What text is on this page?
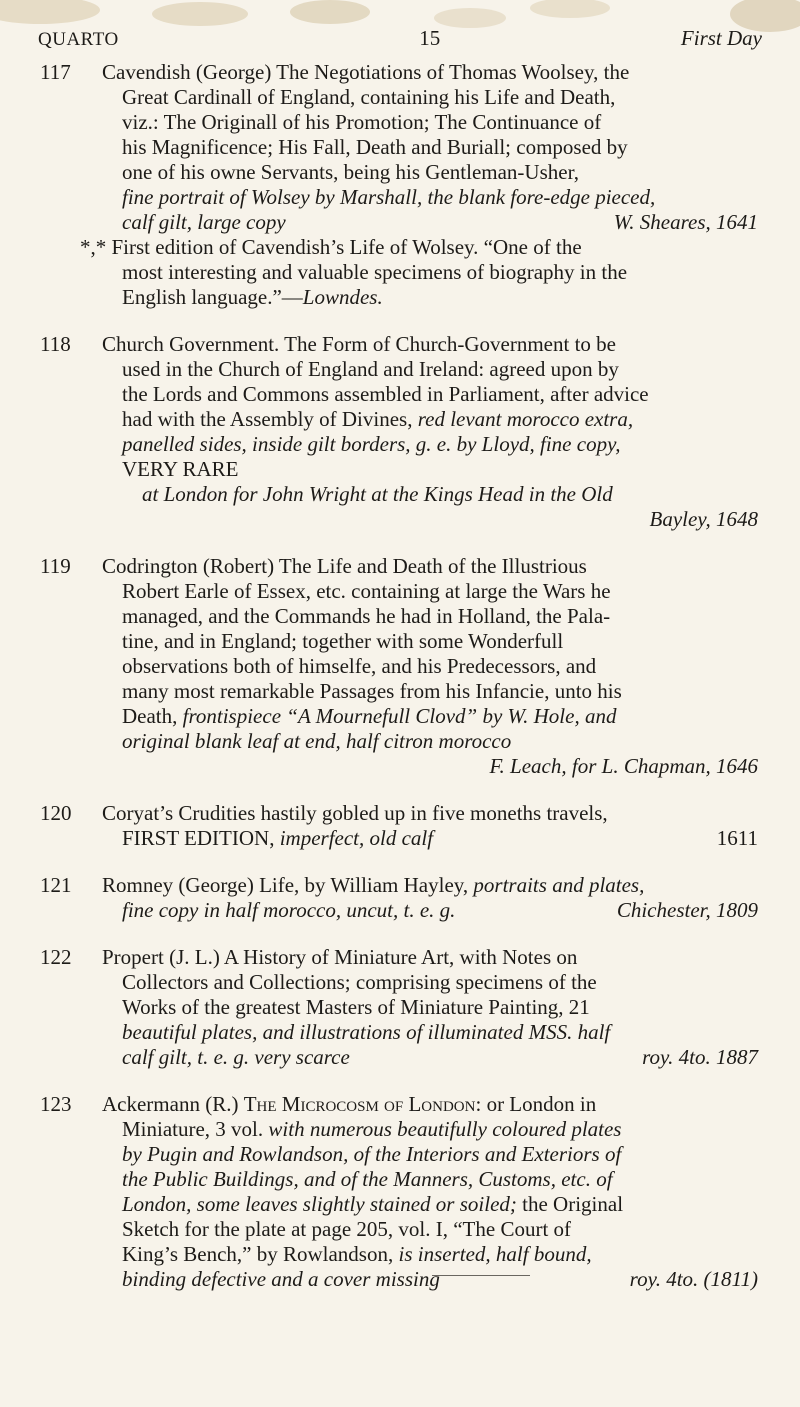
QUARTO	15	First Day
117	Cavendish (George) The Negotiations of Thomas Woolsey, the
Great Cardinall of England, containing his Life and Death,
viz.: The Originall of his Promotion; The Continuance of
his Magnificence; His Fall, Death and Buriall; composed by
one of his owne Servants, being his Gentleman-Usher,
fine portrait of Wolsey by Marshall, the blank fore-edge pieced,
calf gilt, large copy	W. Sheares, 1641
*,* First edition of Cavendish’s Life of Wolsey. “One of the
most interesting and valuable specimens of biography in the
English language.”—Lowndes.
118	Church Government. The Form of Church-Government to be
used in the Church of England and Ireland: agreed upon by
the Lords and Commons assembled in Parliament, after advice
had with the Assembly of Divines, red levant morocco extra,
panelled sides, inside gilt borders, g. e. by Lloyd, fine copy,
VERY RARE
at London for John Wright at the Kings Head in the Old
Bayley, 1648
119	Codrington (Robert) The Life and Death of the Illustrious
Robert Earle of Essex, etc. containing at large the Wars he
managed, and the Commands he had in Holland, the Pala-
tine, and in England; together with some Wonderfull
observations both of himselfe, and his Predecessors, and
many most remarkable Passages from his Infancie, unto his
Death, frontispiece “A Mournefull Clovd” by W. Hole, and
original blank leaf at end, half citron morocco
F. Leach, for L. Chapman, 1646
120	Coryat’s Crudities hastily gobled up in five moneths travels,
FIRST EDITION, imperfect, old calf	1611
121	Romney (George) Life, by William Hayley, portraits and plates,
fine copy in half morocco, uncut, t. e. g.	Chichester, 1809
122	Propert (J. L.) A History of Miniature Art, with Notes on
Collectors and Collections; comprising specimens of the
Works of the greatest Masters of Miniature Painting, 21
beautiful plates, and illustrations of illuminated MSS. half
calf gilt, t. e. g. very scarce	roy. 4to. 1887
123	Ackermann (R.) The Microcosm of London: or London in
Miniature, 3 vol. with numerous beautifully coloured plates
by Pugin and Rowlandson, of the Interiors and Exteriors of
the Public Buildings, and of the Manners, Customs, etc. of
London, some leaves slightly stained or soiled; the Original
Sketch for the plate at page 205, vol. I, “The Court of
King’s Bench,” by Rowlandson, is inserted, half bound,
binding defective and a cover missing	roy. 4to. (1811)
